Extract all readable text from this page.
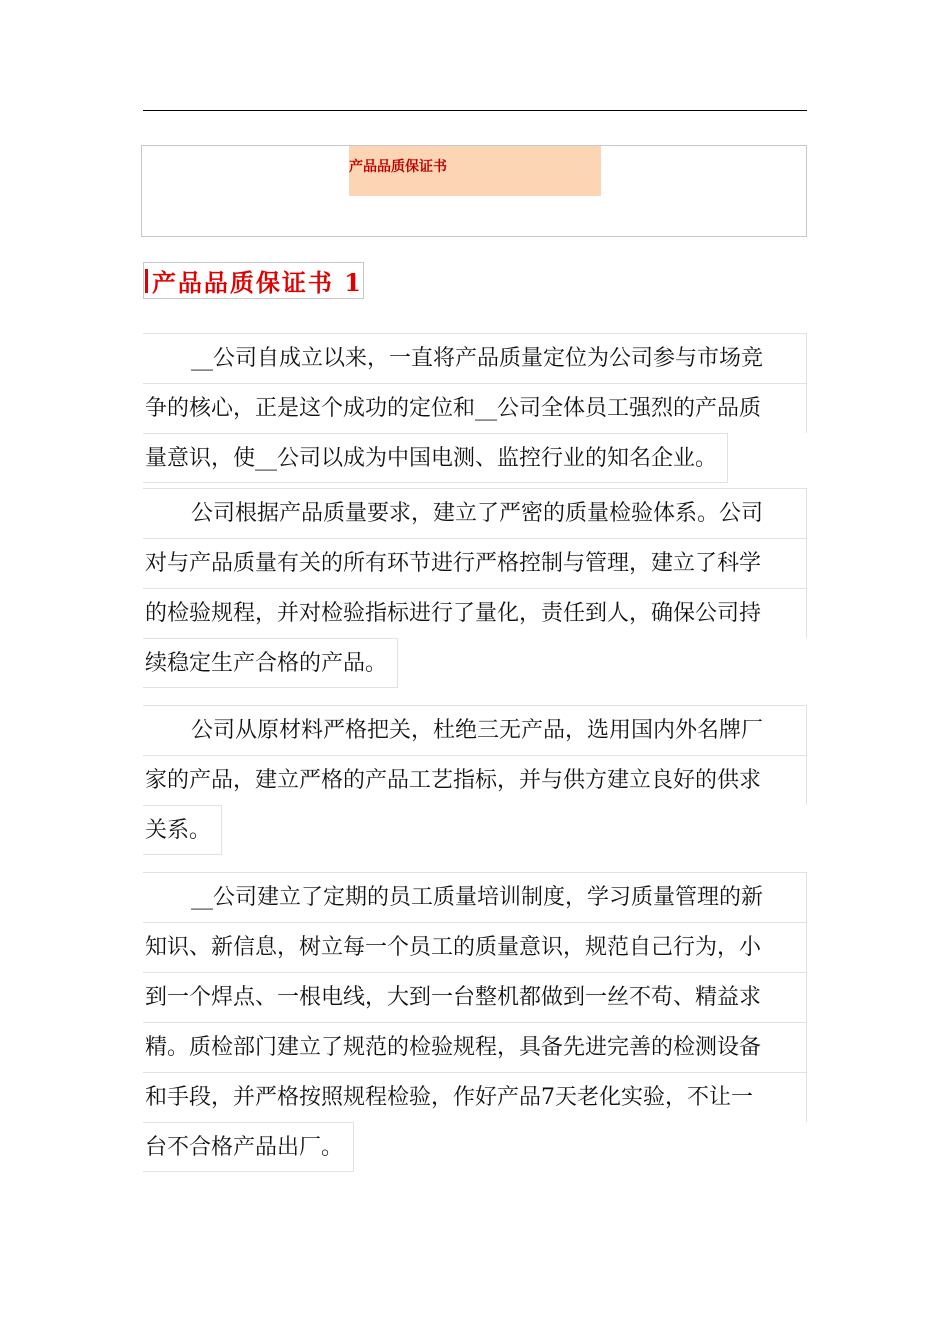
产品品质保证书
产品品质保证书 1
__公司自成立以来，一直将产品质量定位为公司参与市场竞
争的核心，正是这个成功的定位和__公司全体员工强烈的产品质
量意识，使__公司以成为中国电测、监控行业的知名企业。
公司根据产品质量要求，建立了严密的质量检验体系。公司
对与产品质量有关的所有环节进行严格控制与管理，建立了科学
的检验规程，并对检验指标进行了量化，责任到人，确保公司持
续稳定生产合格的产品。
公司从原材料严格把关，杜绝三无产品，选用国内外名牌厂
家的产品，建立严格的产品工艺指标，并与供方建立良好的供求
关系。
__公司建立了定期的员工质量培训制度，学习质量管理的新
知识、新信息，树立每一个员工的质量意识，规范自己行为，小
到一个焊点、一根电线，大到一台整机都做到一丝不苟、精益求
精。质检部门建立了规范的检验规程，具备先进完善的检测设备
和手段，并严格按照规程检验，作好产品7天老化实验，不让一
台不合格产品出厂。
